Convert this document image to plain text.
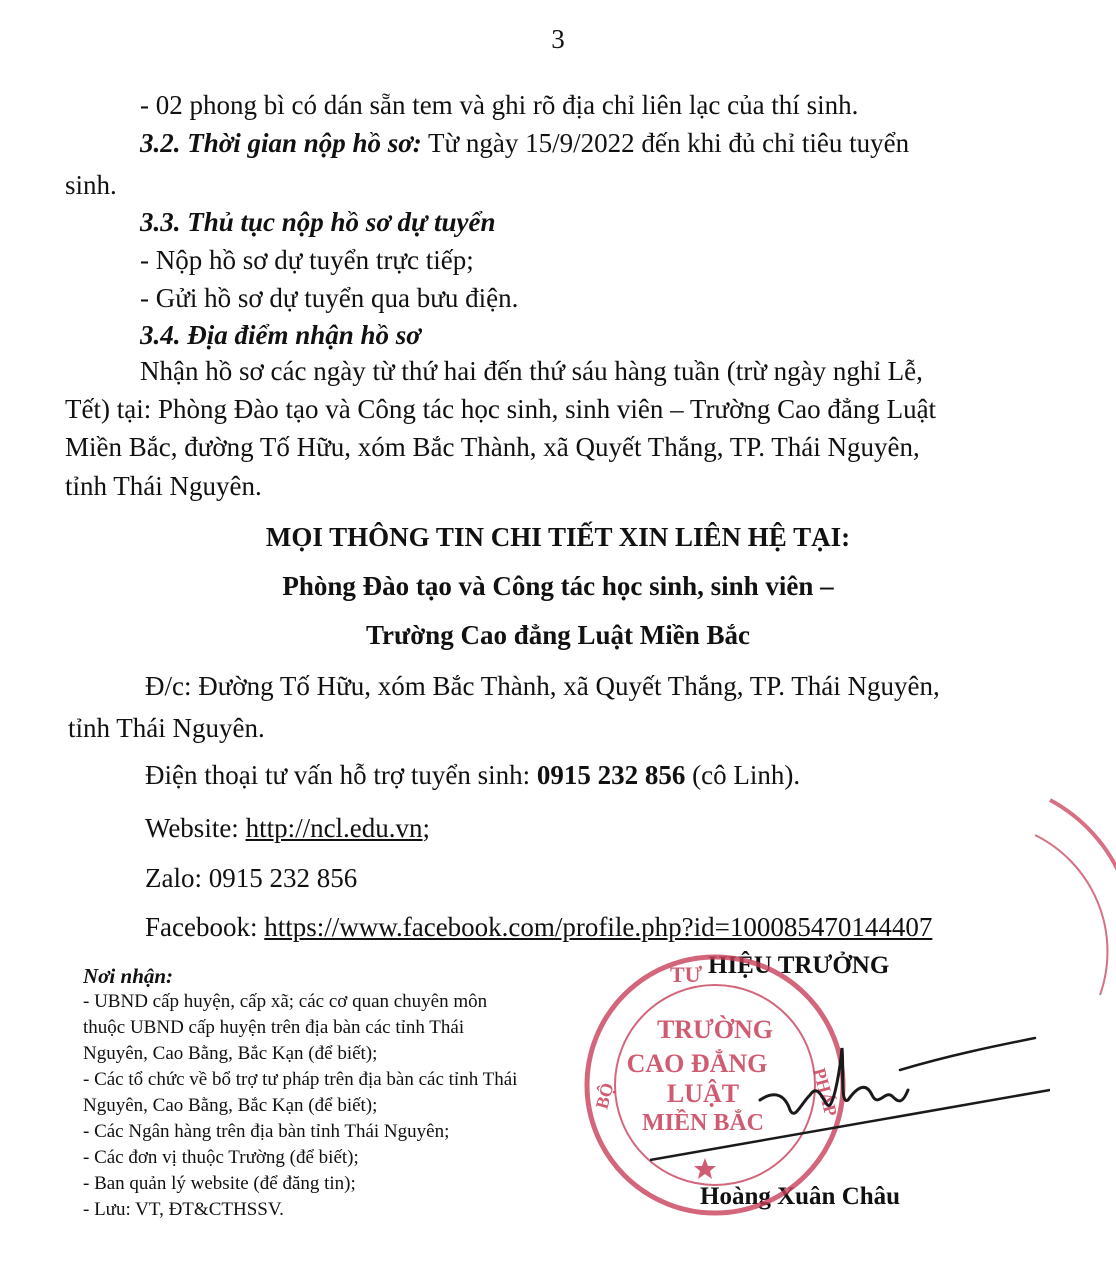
3
- 02 phong bì có dán sẵn tem và ghi rõ địa chỉ liên lạc của thí sinh.
3.2. Thời gian nộp hồ sơ: Từ ngày 15/9/2022 đến khi đủ chỉ tiêu tuyển
sinh.
3.3. Thủ tục nộp hồ sơ dự tuyển
- Nộp hồ sơ dự tuyển trực tiếp;
- Gửi hồ sơ dự tuyển qua bưu điện.
3.4. Địa điểm nhận hồ sơ
Nhận hồ sơ các ngày từ thứ hai đến thứ sáu hàng tuần (trừ ngày nghỉ Lễ,
Tết) tại: Phòng Đào tạo và Công tác học sinh, sinh viên – Trường Cao đẳng Luật
Miền Bắc, đường Tố Hữu, xóm Bắc Thành, xã Quyết Thắng, TP. Thái Nguyên,
tỉnh Thái Nguyên.
MỌI THÔNG TIN CHI TIẾT XIN LIÊN HỆ TẠI:
Phòng Đào tạo và Công tác học sinh, sinh viên –
Trường Cao đẳng Luật Miền Bắc
Đ/c: Đường Tố Hữu, xóm Bắc Thành, xã Quyết Thắng, TP. Thái Nguyên,
tỉnh Thái Nguyên.
Điện thoại tư vấn hỗ trợ tuyển sinh: 0915 232 856 (cô Linh).
Website: http://ncl.edu.vn;
Zalo: 0915 232 856
Facebook: https://www.facebook.com/profile.php?id=100085470144407
Nơi nhận:
- UBND cấp huyện, cấp xã; các cơ quan chuyên môn
thuộc UBND cấp huyện trên địa bàn các tỉnh Thái
Nguyên, Cao Bằng, Bắc Kạn (để biết);
- Các tổ chức về bổ trợ tư pháp trên địa bàn các tỉnh Thái
Nguyên, Cao Bằng, Bắc Kạn (để biết);
- Các Ngân hàng trên địa bàn tỉnh Thái Nguyên;
- Các đơn vị thuộc Trường (để biết);
- Ban quản lý website (để đăng tin);
- Lưu: VT, ĐT&CTHSSV.
HIỆU TRƯỞNG
Hoàng Xuân Châu
TƯ
BỘ	PHÁP
TRƯỜNG
CAO ĐẲNG
LUẬT
MIỀN BẮC
